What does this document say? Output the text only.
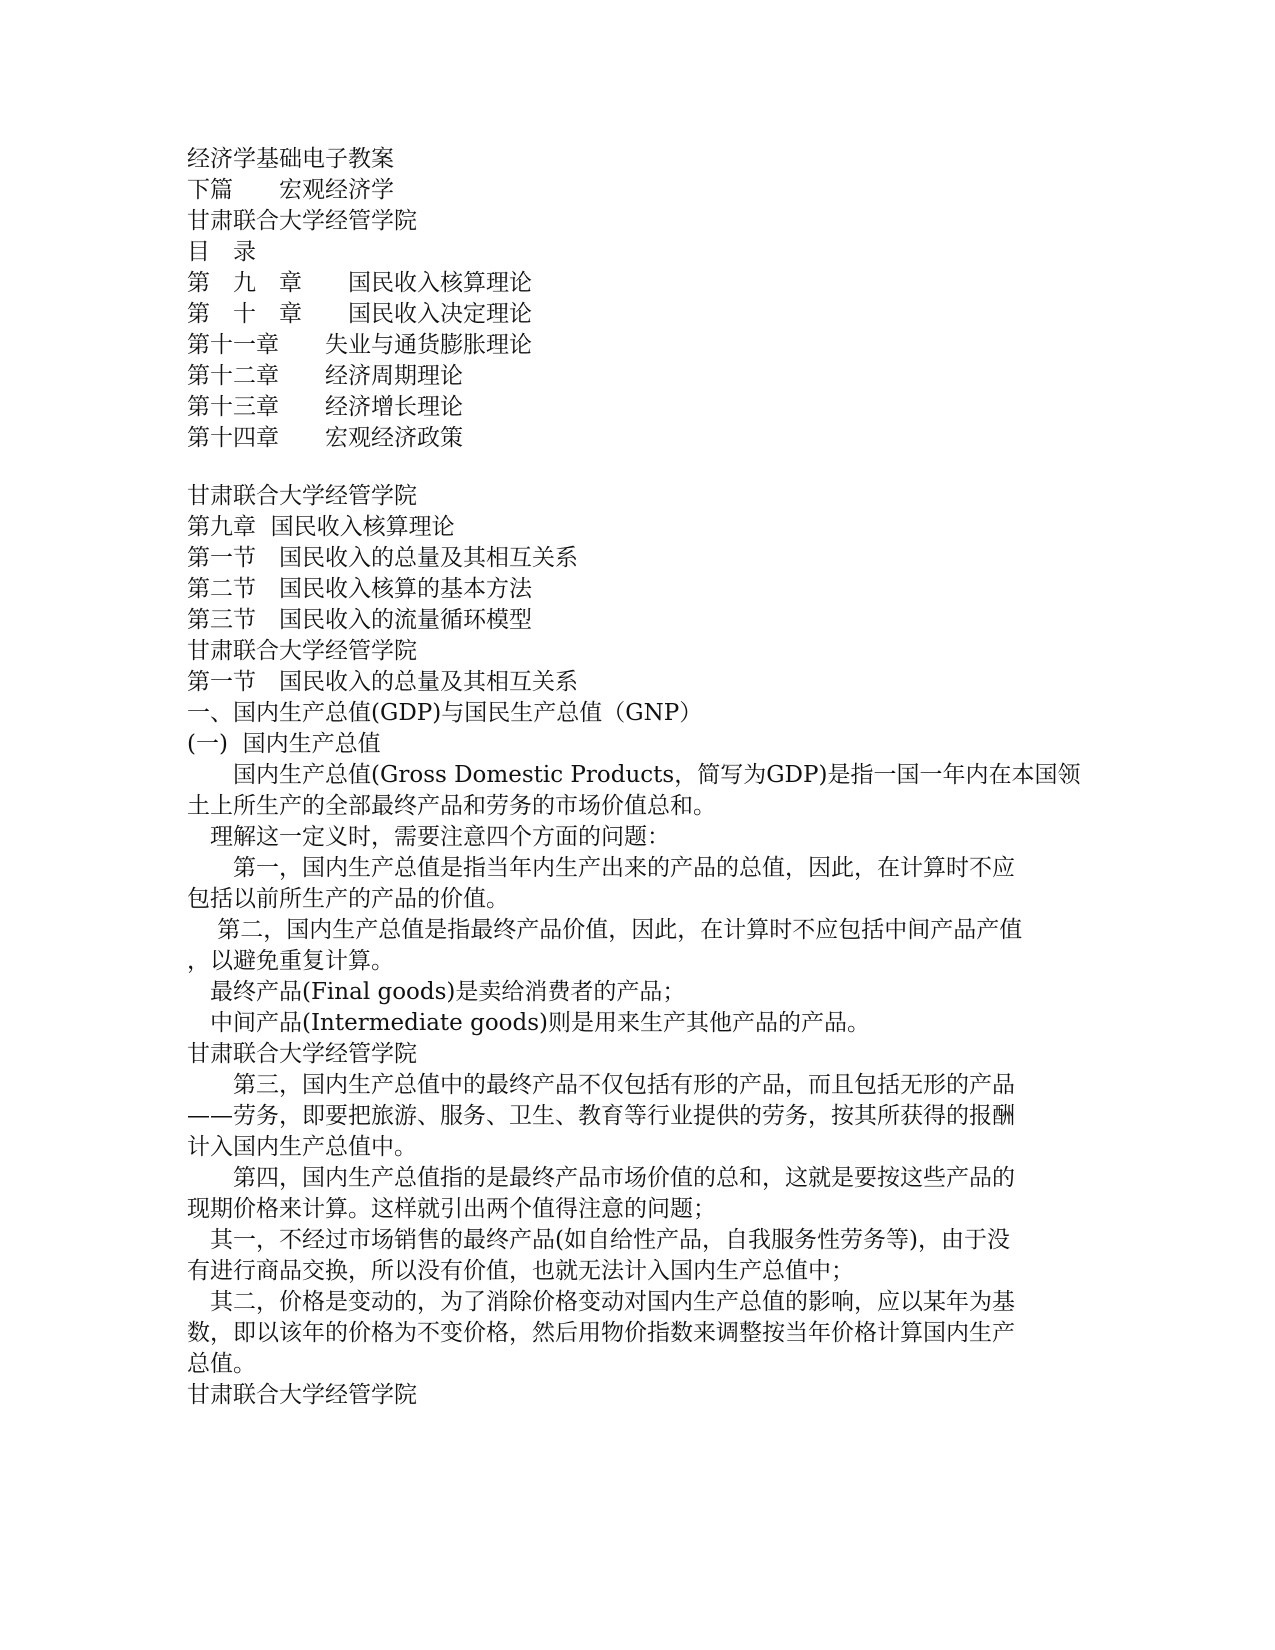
经济学基础电子教案
下篇　　宏观经济学
甘肃联合大学经管学院
目　录
第　九　章　　国民收入核算理论
第　十　章　　国民收入决定理论
第十一章　　失业与通货膨胀理论
第十二章　　经济周期理论
第十三章　　经济增长理论
第十四章　　宏观经济政策
甘肃联合大学经管学院
第九章  国民收入核算理论
第一节　国民收入的总量及其相互关系
第二节　国民收入核算的基本方法
第三节　国民收入的流量循环模型
甘肃联合大学经管学院
第一节　国民收入的总量及其相互关系
一、国内生产总值(GDP)与国民生产总值（GNP）
(一)  国内生产总值
　　国内生产总值(Gross Domestic Products，简写为GDP)是指一国一年内在本国领
土上所生产的全部最终产品和劳务的市场价值总和。
　理解这一定义时，需要注意四个方面的问题：
　　第一，国内生产总值是指当年内生产出来的产品的总值，因此，在计算时不应
包括以前所生产的产品的价值。
　 第二，国内生产总值是指最终产品价值，因此，在计算时不应包括中间产品产值
，以避免重复计算。
　最终产品(Final goods)是卖给消费者的产品；
　中间产品(Intermediate goods)则是用来生产其他产品的产品。
甘肃联合大学经管学院
　　第三，国内生产总值中的最终产品不仅包括有形的产品，而且包括无形的产品
——劳务，即要把旅游、服务、卫生、教育等行业提供的劳务，按其所获得的报酬
计入国内生产总值中。
　　第四，国内生产总值指的是最终产品市场价值的总和，这就是要按这些产品的
现期价格来计算。这样就引出两个值得注意的问题；
　其一，不经过市场销售的最终产品(如自给性产品，自我服务性劳务等)，由于没
有进行商品交换，所以没有价值，也就无法计入国内生产总值中；
　其二，价格是变动的，为了消除价格变动对国内生产总值的影响，应以某年为基
数，即以该年的价格为不变价格，然后用物价指数来调整按当年价格计算国内生产
总值。
甘肃联合大学经管学院
